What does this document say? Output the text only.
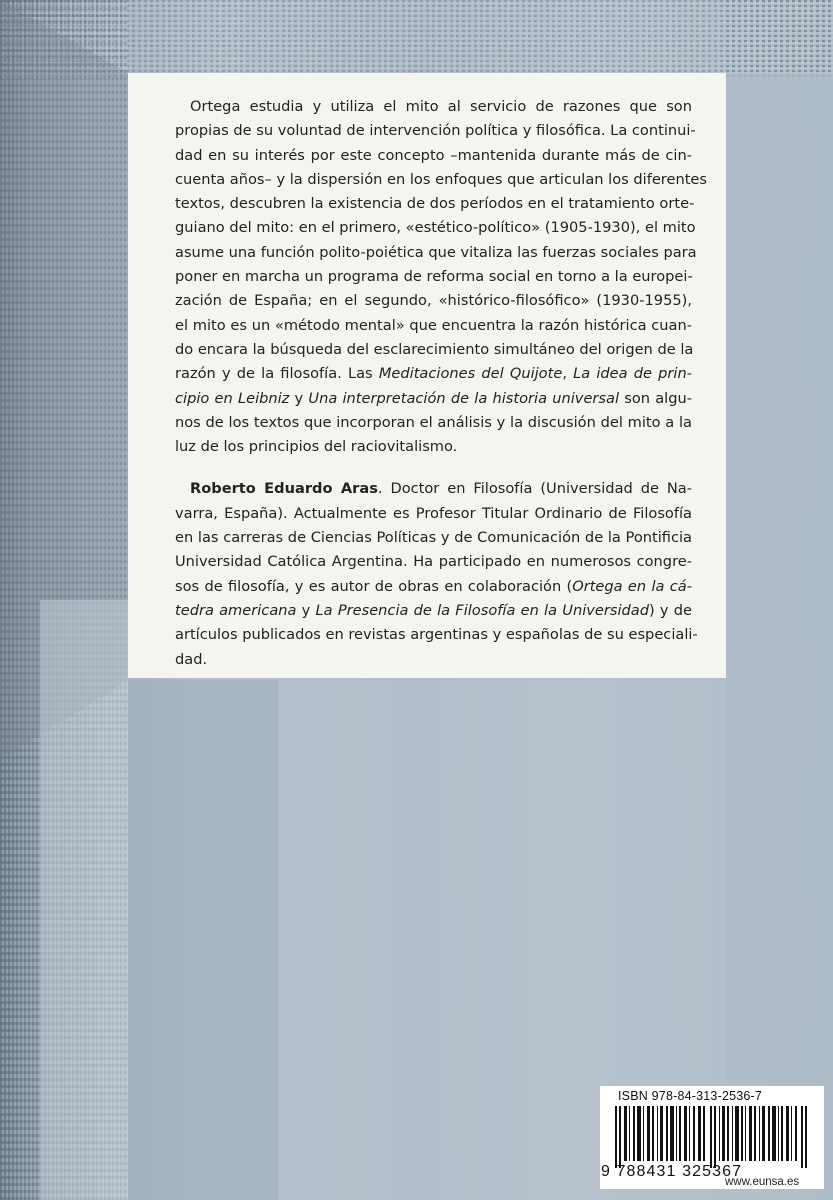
Ortega estudia y utiliza el mito al servicio de razones que son
propias de su voluntad de intervención política y filosófica. La continui-
dad en su interés por este concepto –mantenida durante más de cin-
cuenta años– y la dispersión en los enfoques que articulan los diferentes
textos, descubren la existencia de dos períodos en el tratamiento orte-
guiano del mito: en el primero, «estético-político» (1905-1930), el mito
asume una función polito-poiética que vitaliza las fuerzas sociales para
poner en marcha un programa de reforma social en torno a la europei-
zación de España; en el segundo, «histórico-filosófico» (1930-1955),
el mito es un «método mental» que encuentra la razón histórica cuan-
do encara la búsqueda del esclarecimiento simultáneo del origen de la
razón y de la filosofía. Las Meditaciones del Quijote, La idea de prin-
cipio en Leibniz y Una interpretación de la historia universal son algu-
nos de los textos que incorporan el análisis y la discusión del mito a la
luz de los principios del raciovitalismo.

Roberto Eduardo Aras. Doctor en Filosofía (Universidad de Na-
varra, España). Actualmente es Profesor Titular Ordinario de Filosofía
en las carreras de Ciencias Políticas y de Comunicación de la Pontificia
Universidad Católica Argentina. Ha participado en numerosos congre-
sos de filosofía, y es autor de obras en colaboración (Ortega en la cá-
tedra americana y La Presencia de la Filosofía en la Universidad) y de
artículos publicados en revistas argentinas y españolas de su especiali-
dad.

ISBN 978-84-313-2536-7
9 788431 325367
www.eunsa.es
